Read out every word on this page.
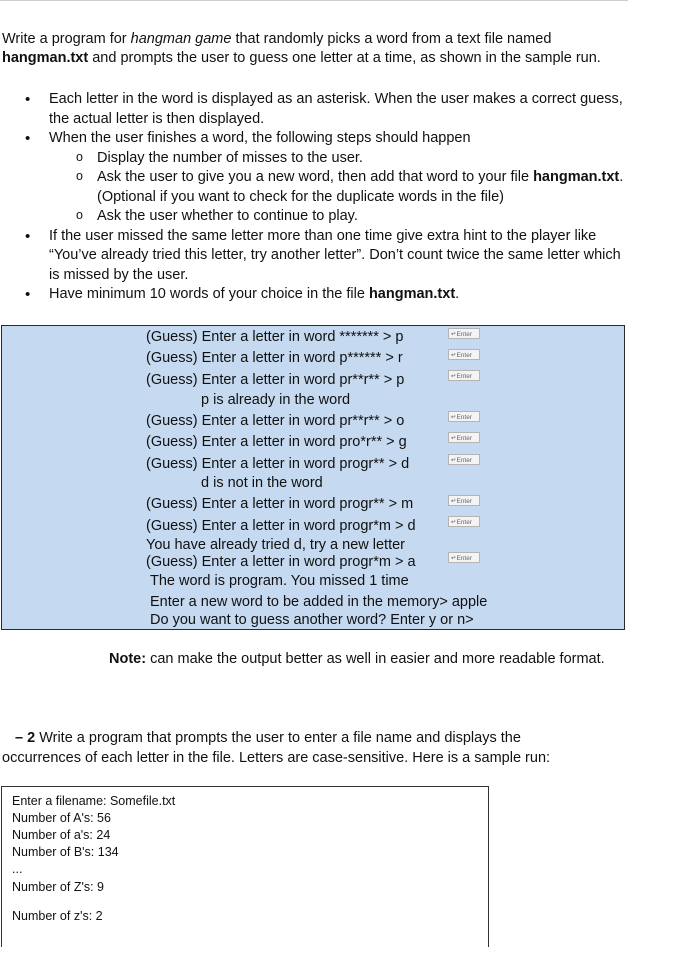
Write a program for hangman game that randomly picks a word from a text file named
hangman.txt and prompts the user to guess one letter at a time, as shown in the sample run.
• Each letter in the word is displayed as an asterisk. When the user makes a correct guess, the actual letter is then displayed.
• When the user finishes a word, the following steps should happen
o Display the number of misses to the user.
o Ask the user to give you a new word, then add that word to your file hangman.txt. (Optional if you want to check for the duplicate words in the file)
o Ask the user whether to continue to play.
• If the user missed the same letter more than one time give extra hint to the player like “You’ve already tried this letter, try another letter”. Don’t count twice the same letter which is missed by the user.
• Have minimum 10 words of your choice in the file hangman.txt.
(Guess) Enter a letter in word ******* > p
(Guess) Enter a letter in word p****** > r
(Guess) Enter a letter in word pr**r** > p
p is already in the word
(Guess) Enter a letter in word pr**r** > o
(Guess) Enter a letter in word pro*r** > g
(Guess) Enter a letter in word progr** > d
d is not in the word
(Guess) Enter a letter in word progr** > m
(Guess) Enter a letter in word progr*m > d
You have already tried d, try a new letter
(Guess) Enter a letter in word progr*m > a
The word is program. You missed 1 time
Enter a new word to be added in the memory> apple
Do you want to guess another word? Enter y or n>
↵Enter
↵Enter
↵Enter
↵Enter
↵Enter
↵Enter
↵Enter
↵Enter
↵Enter
Note: can make the output better as well in easier and more readable format.
– 2 Write a program that prompts the user to enter a file name and displays the
occurrences of each letter in the file. Letters are case-sensitive. Here is a sample run:
Enter a filename: Somefile.txt
Number of A's: 56
Number of a's: 24
Number of B's: 134
...
Number of Z's: 9
Number of z's: 2
